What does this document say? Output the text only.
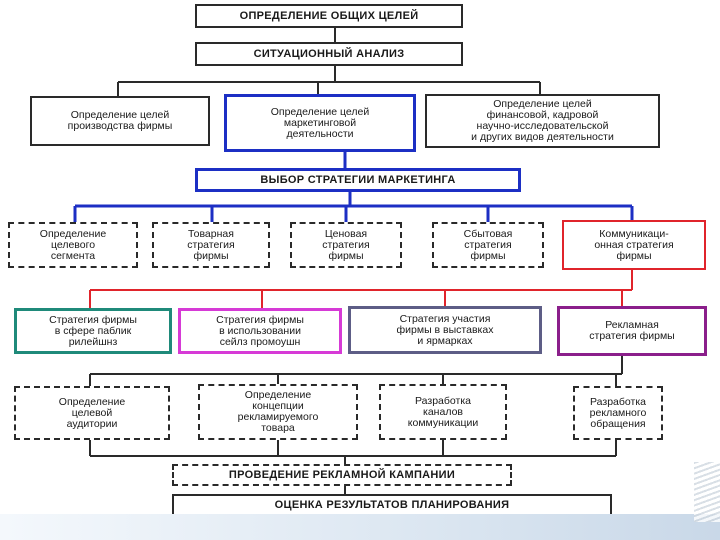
ОПРЕДЕЛЕНИЕ ОБЩИХ ЦЕЛЕЙ
СИТУАЦИОННЫЙ АНАЛИЗ
Определение целей
производства фирмы
Определение целей
маркетинговой
деятельности
Определение целей
финансовой, кадровой
научно-исследовательской
и других видов деятельности
ВЫБОР СТРАТЕГИИ МАРКЕТИНГА
Определение
целевого
сегмента
Товарная
стратегия
фирмы
Ценовая
стратегия
фирмы
Сбытовая
стратегия
фирмы
Коммуникаци-
онная стратегия
фирмы
Стратегия фирмы
в сфере паблик
рилейшнз
Стратегия фирмы
в использовании
сейлз промоушн
Стратегия участия
фирмы в выставках
и ярмарках
Рекламная
стратегия фирмы
Определение
целевой
аудитории
Определение
концепции
рекламируемого
товара
Разработка
каналов
коммуникации
Разработка
рекламного
обращения
ПРОВЕДЕНИЕ РЕКЛАМНОЙ КАМПАНИИ
ОЦЕНКА РЕЗУЛЬТАТОВ ПЛАНИРОВАНИЯ
